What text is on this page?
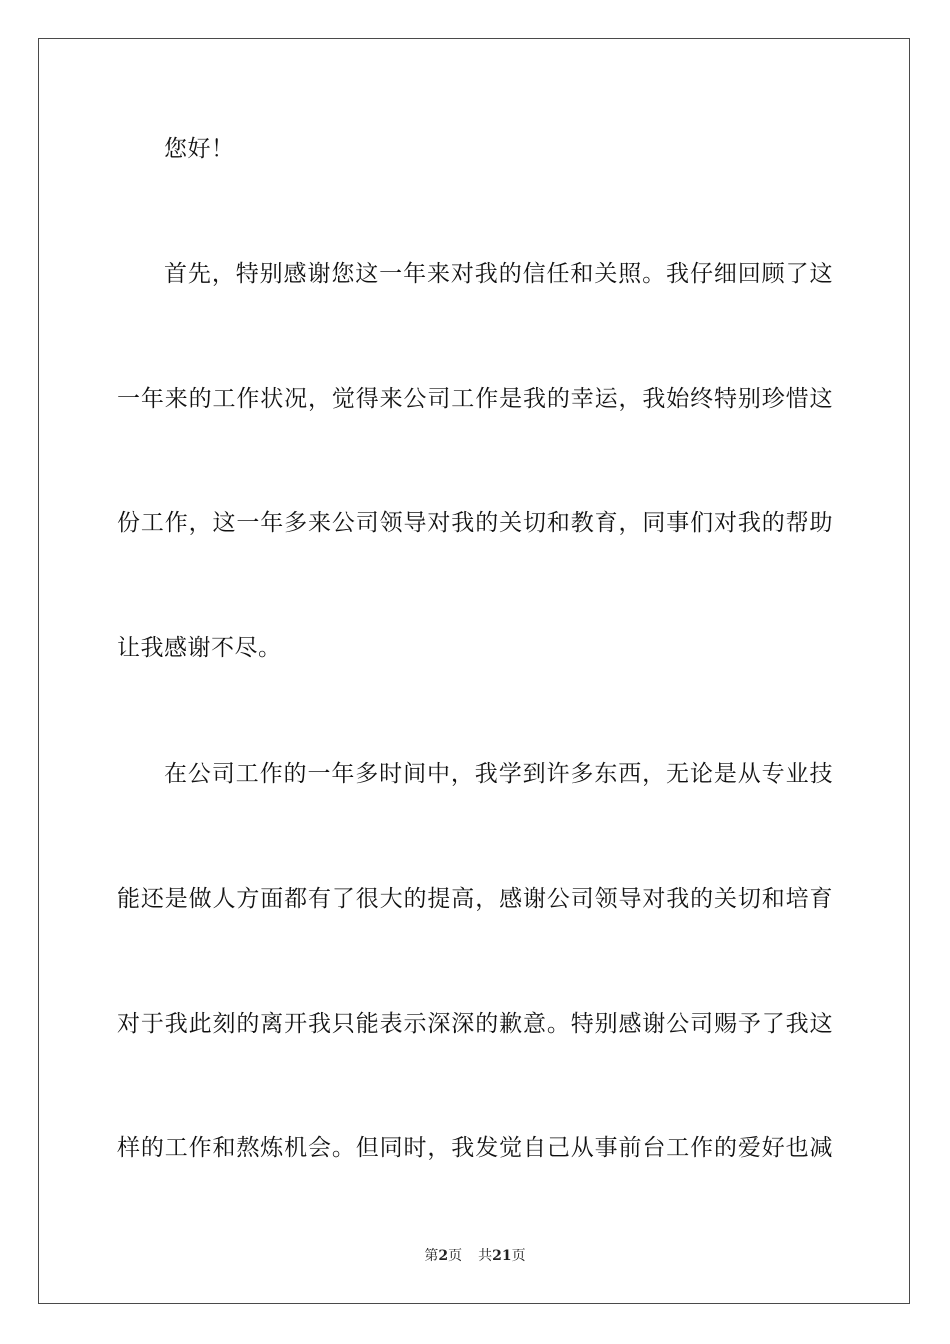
您好！
首先，特别感谢您这一年来对我的信任和关照。我仔细回顾了这
一年来的工作状况，觉得来公司工作是我的幸运，我始终特别珍惜这
份工作，这一年多来公司领导对我的关切和教育，同事们对我的帮助
让我感谢不尽。
在公司工作的一年多时间中，我学到许多东西，无论是从专业技
能还是做人方面都有了很大的提高，感谢公司领导对我的关切和培育
对于我此刻的离开我只能表示深深的歉意。特别感谢公司赐予了我这
样的工作和熬炼机会。但同时，我发觉自己从事前台工作的爱好也减
第2页 共21页
